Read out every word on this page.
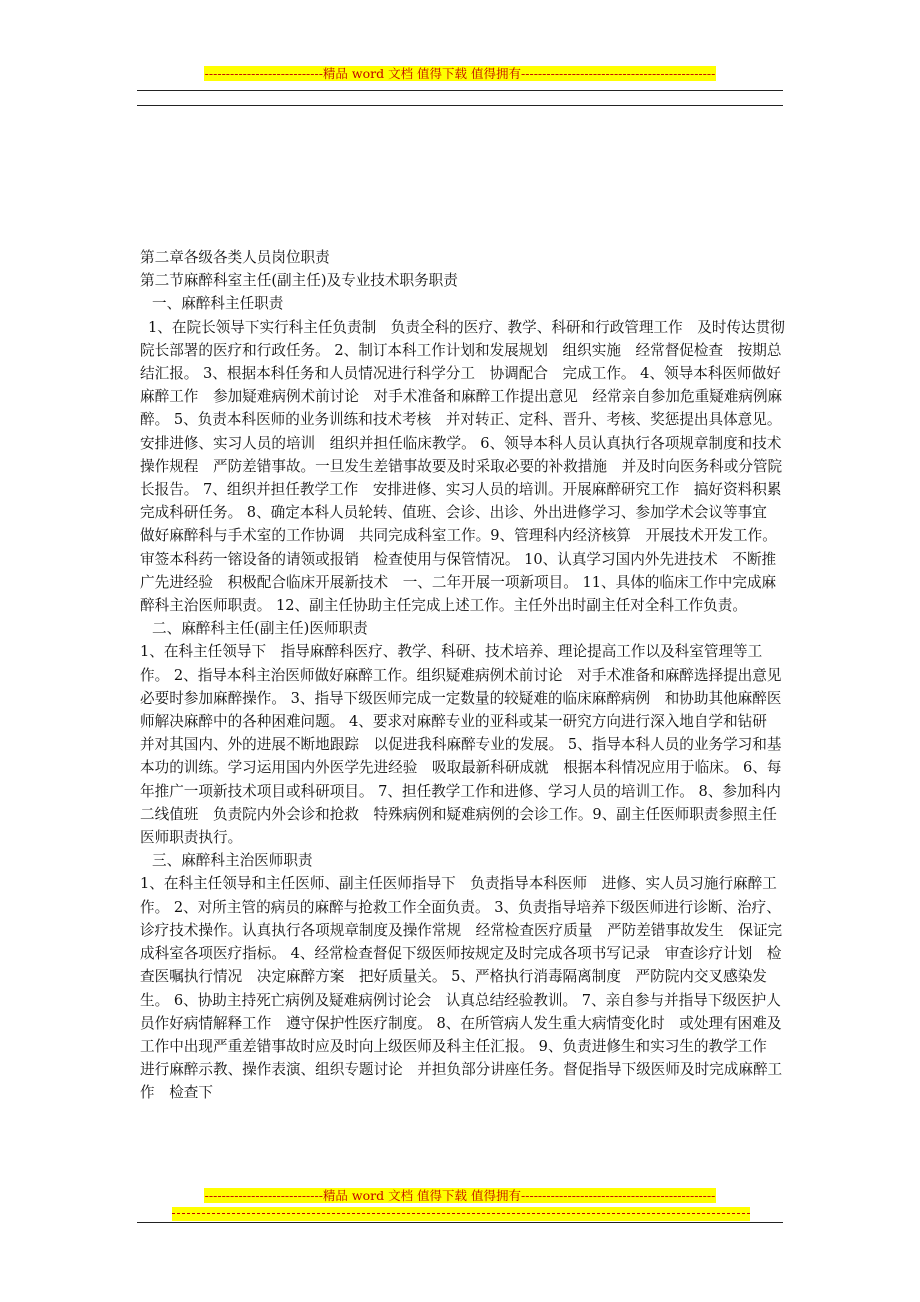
----------------------------精品 word 文档 值得下载 值得拥有----------------------------------------------

第二章各级各类人员岗位职责

第二节麻醉科室主任(副主任)及专业技术职务职责

一、麻醉科主任职责

1、在院长领导下实行科主任负责制　负责全科的医疗、教学、科研和行政管理工作　及时传达贯彻院长部署的医疗和行政任务。 2、制订本科工作计划和发展规划　组织实施　经常督促检查　按期总结汇报。 3、根据本科任务和人员情况进行科学分工　协调配合　完成工作。 4、领导本科医师做好麻醉工作　参加疑难病例术前讨论　对手术准备和麻醉工作提出意见　经常亲自参加危重疑难病例麻醉。 5、负责本科医师的业务训练和技术考核　并对转正、定科、晋升、考核、奖惩提出具体意见。安排进修、实习人员的培训　组织并担任临床教学。 6、领导本科人员认真执行各项规章制度和技术操作规程　严防差错事故。一旦发生差错事故要及时采取必要的补救措施　并及时向医务科或分管院长报告。 7、组织并担任教学工作　安排进修、实习人员的培训。开展麻醉研究工作　搞好资料积累　完成科研任务。 8、确定本科人员轮转、值班、会诊、出诊、外出进修学习、参加学术会议等事宜　做好麻醉科与手术室的工作协调　共同完成科室工作。9、管理科内经济核算　开展技术开发工作。审签本科药一镕设备的请领或报销　检查使用与保管情况。 10、认真学习国内外先进技术　不断推广先进经验　积极配合临床开展新技术　一、二年开展一项新项目。 11、具体的临床工作中完成麻醉科主治医师职责。 12、副主任协助主任完成上述工作。主任外出时副主任对全科工作负责。

二、麻醉科主任(副主任)医师职责

1、在科主任领导下　指导麻醉科医疗、教学、科研、技术培养、理论提高工作以及科室管理等工作。 2、指导本科主治医师做好麻醉工作。组织疑难病例术前讨论　对手术准备和麻醉选择提出意见　必要时参加麻醉操作。 3、指导下级医师完成一定数量的较疑难的临床麻醉病例　和协助其他麻醉医师解决麻醉中的各种困难问题。 4、要求对麻醉专业的亚科或某一研究方向进行深入地自学和钻研　并对其国内、外的进展不断地跟踪　以促进我科麻醉专业的发展。 5、指导本科人员的业务学习和基本功的训练。学习运用国内外医学先进经验　吸取最新科研成就　根据本科情况应用于临床。 6、每年推广一项新技术项目或科研项目。 7、担任教学工作和进修、学习人员的培训工作。 8、参加科内二线值班　负责院内外会诊和抢救　特殊病例和疑难病例的会诊工作。9、副主任医师职责参照主任医师职责执行。

三、麻醉科主治医师职责

1、在科主任领导和主任医师、副主任医师指导下　负责指导本科医师　进修、实人员习施行麻醉工作。 2、对所主管的病员的麻醉与抢救工作全面负责。 3、负责指导培养下级医师进行诊断、治疗、诊疗技术操作。认真执行各项规章制度及操作常规　经常检查医疗质量　严防差错事故发生　保证完成科室各项医疗指标。 4、经常检查督促下级医师按规定及时完成各项书写记录　审查诊疗计划　检查医嘱执行情况　决定麻醉方案　把好质量关。 5、严格执行消毒隔离制度　严防院内交叉感染发生。 6、协助主持死亡病例及疑难病例讨论会　认真总结经验教训。 7、亲自参与并指导下级医护人员作好病情解释工作　遵守保护性医疗制度。 8、在所管病人发生重大病情变化时　或处理有困难及工作中出现严重差错事故时应及时向上级医师及科主任汇报。 9、负责进修生和实习生的教学工作　进行麻醉示教、操作表演、组织专题讨论　并担负部分讲座任务。督促指导下级医师及时完成麻醉工作　检查下

----------------------------精品 word 文档 值得下载 值得拥有----------------------------------------------
